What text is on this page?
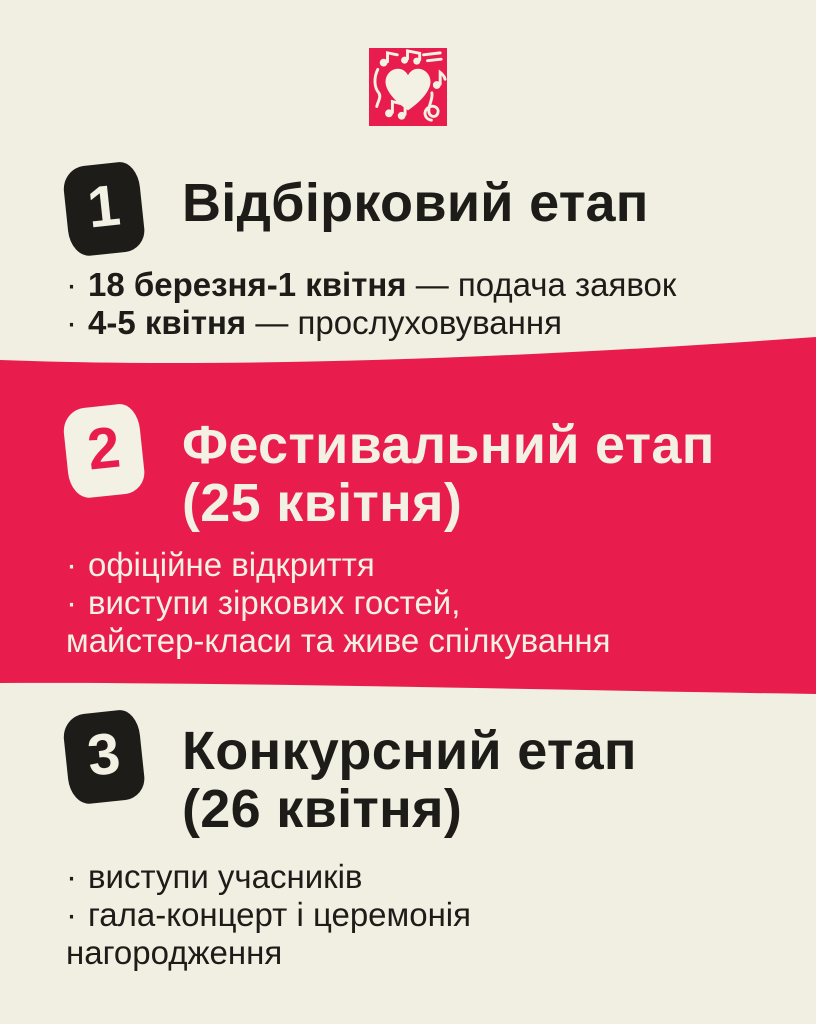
1 Відбірковий етап
· 18 березня-1 квітня — подача заявок
· 4-5 квітня — прослуховування
2 Фестивальний етап
(25 квітня)
· офіційне відкриття
· виступи зіркових гостей,
майстер-класи та живе спілкування
3 Конкурсний етап
(26 квітня)
· виступи учасників
· гала-концерт і церемонія
нагородження
